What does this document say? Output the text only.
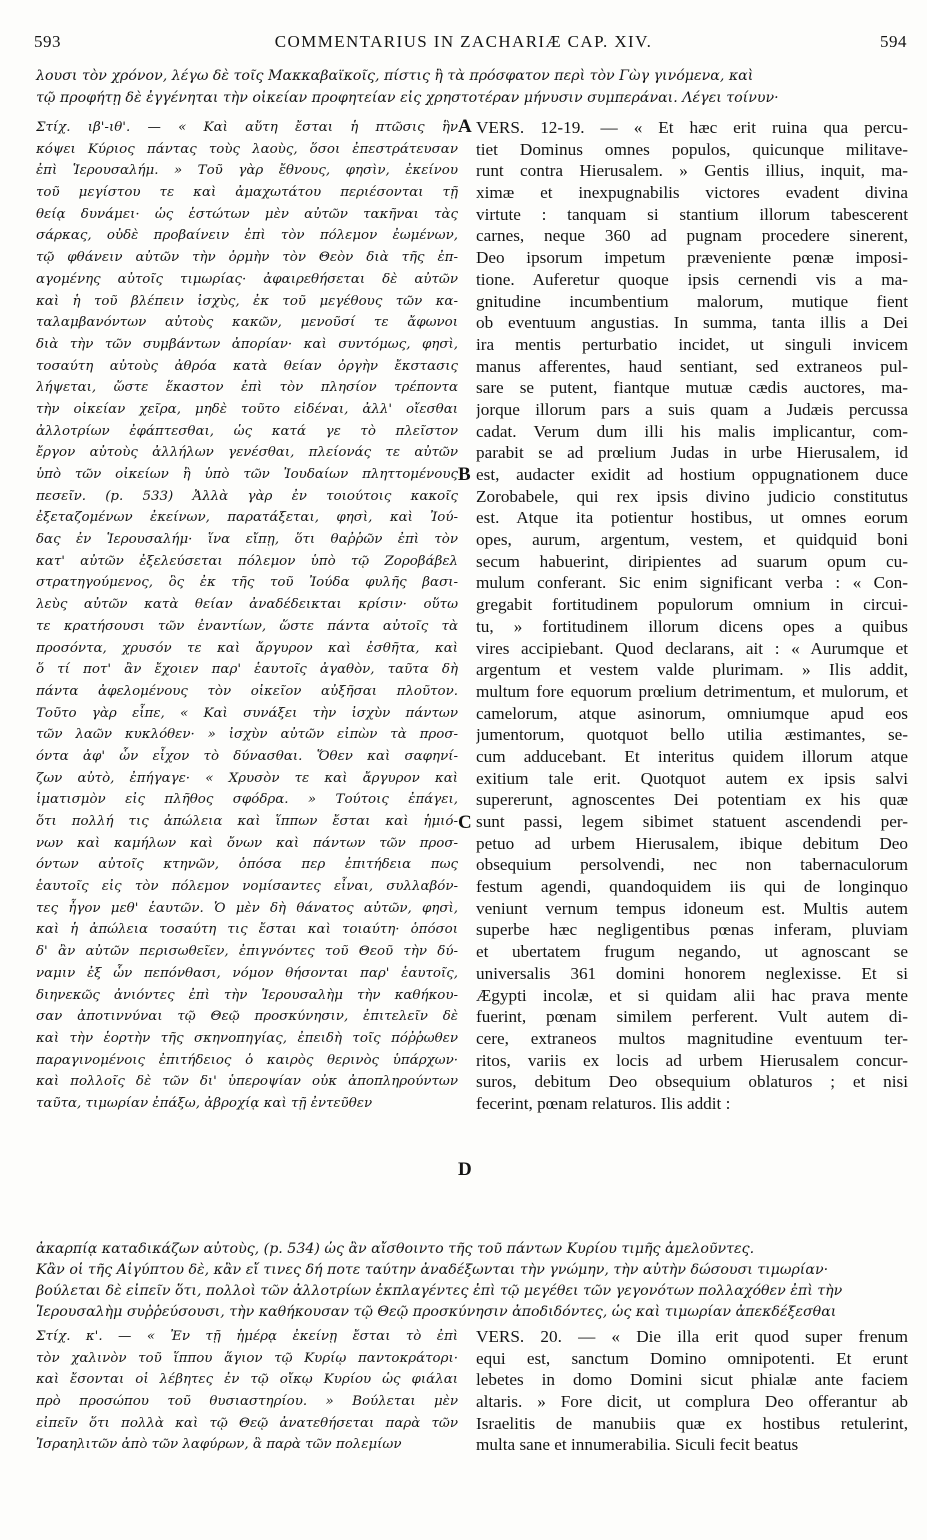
593	COMMENTARIUS IN ZACHARIÆ CAP. XIV.	594
λουσι τὸν χρόνον, λέγω δὲ τοῖς Μακκαβαϊκοῖς, πίστις ἢ τὰ πρόσφατον περὶ τὸν Γὼγ γινόμενα, καὶ
τῷ προφήτῃ δὲ ἐγγένηται τὴν οἰκείαν προφητείαν εἰς χρηστοτέραν μήνυσιν συμπεράναι. Λέγει τοίνυν·
Στίχ. ιβ'-ιθ'. — « Καὶ αὕτη ἔσται ἡ πτῶσις ἣν
κόψει Κύριος πάντας τοὺς λαοὺς, ὅσοι ἐπεστράτευσαν
ἐπὶ Ἱερουσαλήμ. » Τοῦ γὰρ ἔθνους, φησὶν, ἐκείνου
τοῦ μεγίστου τε καὶ ἀμαχωτάτου περιέσονται τῇ
θείᾳ δυνάμει· ὡς ἑστώτων μὲν αὐτῶν τακῆναι τὰς
σάρκας, οὐδὲ προβαίνειν ἐπὶ τὸν πόλεμον ἐωμένων,
τῷ φθάνειν αὐτῶν τὴν ὁρμὴν τὸν Θεὸν διὰ τῆς ἐπ-
αγομένης αὐτοῖς τιμωρίας· ἀφαιρεθήσεται δὲ αὐτῶν
καὶ ἡ τοῦ βλέπειν ἰσχὺς, ἐκ τοῦ μεγέθους τῶν κα-
ταλαμβανόντων αὐτοὺς κακῶν, μενοῦσί τε ἄφωνοι
διὰ τὴν τῶν συμβάντων ἀπορίαν· καὶ συντόμως, φησὶ,
τοσαύτη αὐτοὺς ἀθρόα κατὰ θείαν ὀργὴν ἔκστασις
λήψεται, ὥστε ἕκαστον ἐπὶ τὸν πλησίον τρέποντα
τὴν οἰκείαν χεῖρα, μηδὲ τοῦτο εἰδέναι, ἀλλ' οἴεσθαι
ἀλλοτρίων ἐφάπτεσθαι, ὡς κατά γε τὸ πλεῖστον
ἔργον αὐτοὺς ἀλλήλων γενέσθαι, πλείονάς τε αὐτῶν
ὑπὸ τῶν οἰκείων ἢ ὑπὸ τῶν Ἰουδαίων πληττομένους
πεσεῖν. (p. 533) Ἀλλὰ γὰρ ἐν τοιούτοις κακοῖς
ἐξεταζομένων ἐκείνων, παρατάξεται, φησὶ, καὶ Ἰού-
δας ἐν Ἱερουσαλήμ· ἵνα εἴπῃ, ὅτι θαῤῥῶν ἐπὶ τὸν
κατ' αὐτῶν ἐξελεύσεται πόλεμον ὑπὸ τῷ Ζοροβάβελ
στρατηγούμενος, ὃς ἐκ τῆς τοῦ Ἰούδα φυλῆς βασι-
λεὺς αὐτῶν κατὰ θείαν ἀναδέδεικται κρίσιν· οὕτω
τε κρατήσουσι τῶν ἐναντίων, ὥστε πάντα αὐτοῖς τὰ
προσόντα, χρυσόν τε καὶ ἄργυρον καὶ ἐσθῆτα, καὶ
ὅ τί ποτ' ἂν ἔχοιεν παρ' ἑαυτοῖς ἀγαθὸν, ταῦτα δὴ
πάντα ἀφελομένους τὸν οἰκεῖον αὐξῆσαι πλοῦτον.
Τοῦτο γὰρ εἶπε, « Καὶ συνάξει τὴν ἰσχὺν πάντων
τῶν λαῶν κυκλόθεν· » ἰσχὺν αὐτῶν εἰπὼν τὰ προσ-
όντα ἀφ' ὧν εἶχον τὸ δύνασθαι. Ὅθεν καὶ σαφηνί-
ζων αὐτὸ, ἐπήγαγε· « Χρυσὸν τε καὶ ἄργυρον καὶ
ἱματισμὸν εἰς πλῆθος σφόδρα. » Τούτοις ἐπάγει,
ὅτι πολλή τις ἀπώλεια καὶ ἵππων ἔσται καὶ ἡμιό-
νων καὶ καμήλων καὶ ὄνων καὶ πάντων τῶν προσ-
όντων αὐτοῖς κτηνῶν, ὁπόσα περ ἐπιτήδεια πως
ἑαυτοῖς εἰς τὸν πόλεμον νομίσαντες εἶναι, συλλαβόν-
τες ἦγον μεθ' ἑαυτῶν. Ὁ μὲν δὴ θάνατος αὐτῶν, φησὶ,
καὶ ἡ ἀπώλεια τοσαύτη τις ἔσται καὶ τοιαύτη· ὁπόσοι
δ' ἂν αὐτῶν περισωθεῖεν, ἐπιγνόντες τοῦ Θεοῦ τὴν δύ-
ναμιν ἐξ ὧν πεπόνθασι, νόμον θήσονται παρ' ἑαυτοῖς,
διηνεκῶς ἀνιόντες ἐπὶ τὴν Ἱερουσαλὴμ τὴν καθήκου-
σαν ἀποτιννύναι τῷ Θεῷ προσκύνησιν, ἐπιτελεῖν δὲ
καὶ τὴν ἑορτὴν τῆς σκηνοπηγίας, ἐπειδὴ τοῖς πόῤῥωθεν
παραγινομένοις ἐπιτήδειος ὁ καιρὸς θερινὸς ὑπάρχων·
καὶ πολλοῖς δὲ τῶν δι' ὑπεροψίαν οὐκ ἀποπληρούντων
ταῦτα, τιμωρίαν ἐπάξω, ἀβροχίᾳ καὶ τῇ ἐντεῦθεν
VERS. 12-19. — « Et hæc erit ruina qua percu-
tiet Dominus omnes populos, quicunque militave-
runt contra Hierusalem. » Gentis illius, inquit, ma-
ximæ et inexpugnabilis victores evadent divina
virtute : tanquam si stantium illorum tabescerent
carnes, neque 360 ad pugnam procedere sinerent,
Deo ipsorum impetum præveniente pœnæ imposi-
tione. Auferetur quoque ipsis cernendi vis a ma-
gnitudine incumbentium malorum, mutique fient
ob eventuum angustias. In summa, tanta illis a Dei
ira mentis perturbatio incidet, ut singuli invicem
manus afferentes, haud sentiant, sed extraneos pul-
sare se putent, fiantque mutuæ cædis auctores, ma-
jorque illorum pars a suis quam a Judæis percussa
cadat. Verum dum illi his malis implicantur, com-
parabit se ad prœlium Judas in urbe Hierusalem, id
est, audacter exidit ad hostium oppugnationem duce
Zorobabele, qui rex ipsis divino judicio constitutus
est. Atque ita potientur hostibus, ut omnes eorum
opes, aurum, argentum, vestem, et quidquid boni
secum habuerint, diripientes ad suarum opum cu-
mulum conferant. Sic enim significant verba : « Con-
gregabit fortitudinem populorum omnium in circui-
tu, » fortitudinem illorum dicens opes a quibus
vires accipiebant. Quod declarans, ait : « Aurumque et
argentum et vestem valde plurimam. » Ilis addit,
multum fore equorum prœlium detrimentum, et mulorum, et
camelorum, atque asinorum, omniumque apud eos
jumentorum, quotquot bello utilia æstimantes, se-
cum adducebant. Et interitus quidem illorum atque
exitium tale erit. Quotquot autem ex ipsis salvi
supererunt, agnoscentes Dei potentiam ex his quæ
sunt passi, legem sibimet statuent ascendendi per-
petuo ad urbem Hierusalem, ibique debitum Deo
obsequium persolvendi, nec non tabernaculorum
festum agendi, quandoquidem iis qui de longinquo
veniunt vernum tempus idoneum est. Multis autem
superbe hæc negligentibus pœnas inferam, pluviam
et ubertatem frugum negando, ut agnoscant se
universalis 361 domini honorem neglexisse. Et si
Ægypti incolæ, et si quidam alii hac prava mente
fuerint, pœnam similem perferent. Vult autem di-
cere, extraneos multos magnitudine eventuum ter-
ritos, variis ex locis ad urbem Hierusalem concur-
suros, debitum Deo obsequium oblaturos ; et nisi
fecerint, pœnam relaturos. Ilis addit :
A
B
C
D
ἀκαρπίᾳ καταδικάζων αὐτοὺς, (p. 534) ὡς ἂν αἴσθοιντο τῆς τοῦ πάντων Κυρίου τιμῆς ἀμελοῦντες.
Κἂν οἱ τῆς Αἰγύπτου δὲ, κἂν εἴ τινες δή ποτε ταύτην ἀναδέξωνται τὴν γνώμην, τὴν αὐτὴν δώσουσι τιμωρίαν·
βούλεται δὲ εἰπεῖν ὅτι, πολλοὶ τῶν ἀλλοτρίων ἐκπλαγέντες ἐπὶ τῷ μεγέθει τῶν γεγονότων πολλαχόθεν ἐπὶ τὴν
Ἱερουσαλὴμ συῤῥεύσουσι, τὴν καθήκουσαν τῷ Θεῷ προσκύνησιν ἀποδιδόντες, ὡς καὶ τιμωρίαν ἀπεκδέξεσθαι
Στίχ. κ'. — « Ἐν τῇ ἡμέρᾳ ἐκείνῃ ἔσται τὸ ἐπὶ
τὸν χαλινὸν τοῦ ἵππου ἅγιον τῷ Κυρίῳ παντοκράτορι·
καὶ ἔσονται οἱ λέβητες ἐν τῷ οἴκῳ Κυρίου ὡς φιάλαι
πρὸ προσώπου τοῦ θυσιαστηρίου. » Βούλεται μὲν
εἰπεῖν ὅτι πολλὰ καὶ τῷ Θεῷ ἀνατεθήσεται παρὰ τῶν
Ἰσραηλιτῶν ἀπὸ τῶν λαφύρων, ἃ παρὰ τῶν πολεμίων
VERS. 20. — « Die illa erit quod super frenum
equi est, sanctum Domino omnipotenti. Et erunt
lebetes in domo Domini sicut phialæ ante faciem
altaris. » Fore dicit, ut complura Deo offerantur ab
Israelitis de manubiis quæ ex hostibus retulerint,
multa sane et innumerabilia. Siculi fecit beatus
